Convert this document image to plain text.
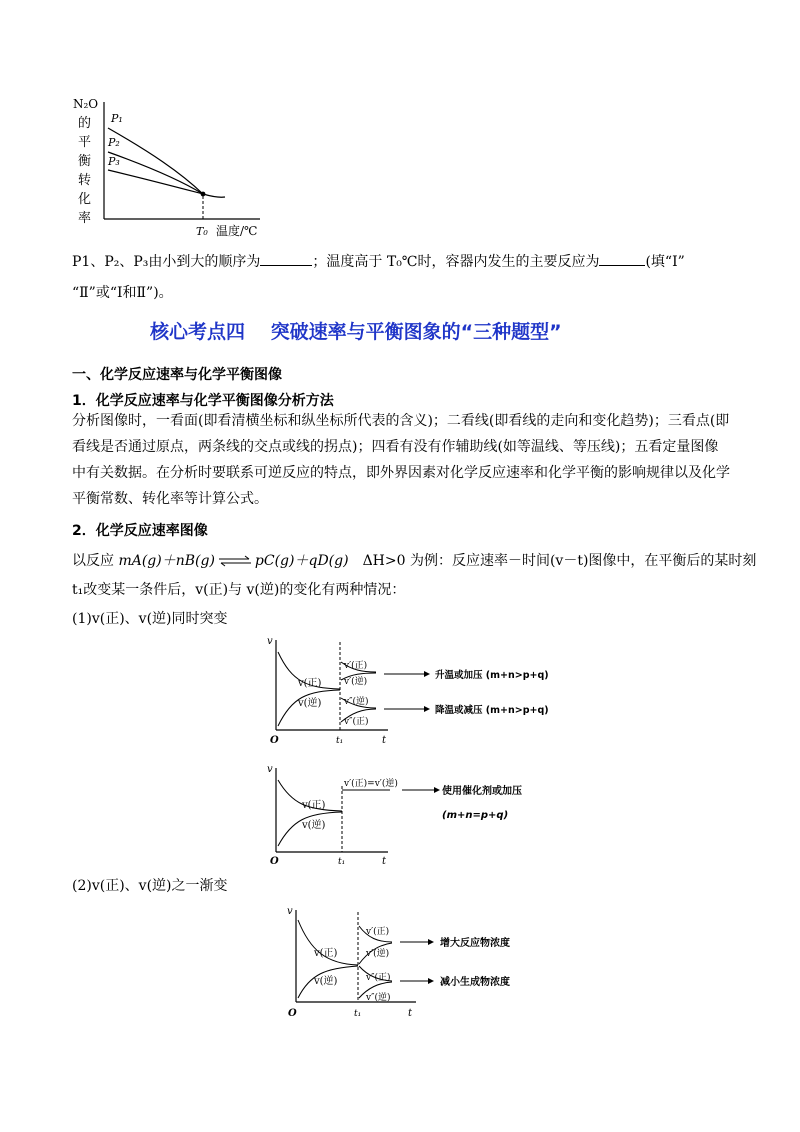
N₂O
的
平
衡
转
化
率
P₁
P₂
P₃
T₀ 温度/℃
P1、P₂、P₃由小到大的顺序为	；温度高于 T₀℃时，容器内发生的主要反应为	(填“Ⅰ”
“Ⅱ”或“Ⅰ和Ⅱ”)。
核心考点四　 突破速率与平衡图象的“三种题型”
一、化学反应速率与化学平衡图像
1．化学反应速率与化学平衡图像分析方法
分析图像时，一看面(即看清横坐标和纵坐标所代表的含义)；二看线(即看线的走向和变化趋势)；三看点(即看线是否通过原点，两条线的交点或线的拐点)；四看有没有作辅助线(如等温线、等压线)；五看定量图像中有关数据。在分析时要联系可逆反应的特点，即外界因素对化学反应速率和化学平衡的影响规律以及化学平衡常数、转化率等计算公式。
2．化学反应速率图像
以反应 mA(g)＋nB(g)⇌pC(g)＋qD(g)　 ΔH>0 为例：反应速率－时间(v－t)图像中，在平衡后的某时刻
t₁改变某一条件后，v(正)与 v(逆)的变化有两种情况：
(1)v(正)、v(逆)同时突变
v
O	t
t₁
v(正)
v(逆)
v′(正)
v′(逆)
升温或加压 (m+n>p+q)
v″(逆)
v″(正)
降温或减压 (m+n>p+q)
v
O	t
t₁
v(正)
v(逆)
v′(正)=v′(逆)
使用催化剂或加压
(m+n=p+q)
(2)v(正)、v(逆)之一渐变
v
O	t
t₁
v(正)
v(逆)
v′(正)
v′(逆)
增大反应物浓度
v″(正)
v″(逆)
减小生成物浓度
